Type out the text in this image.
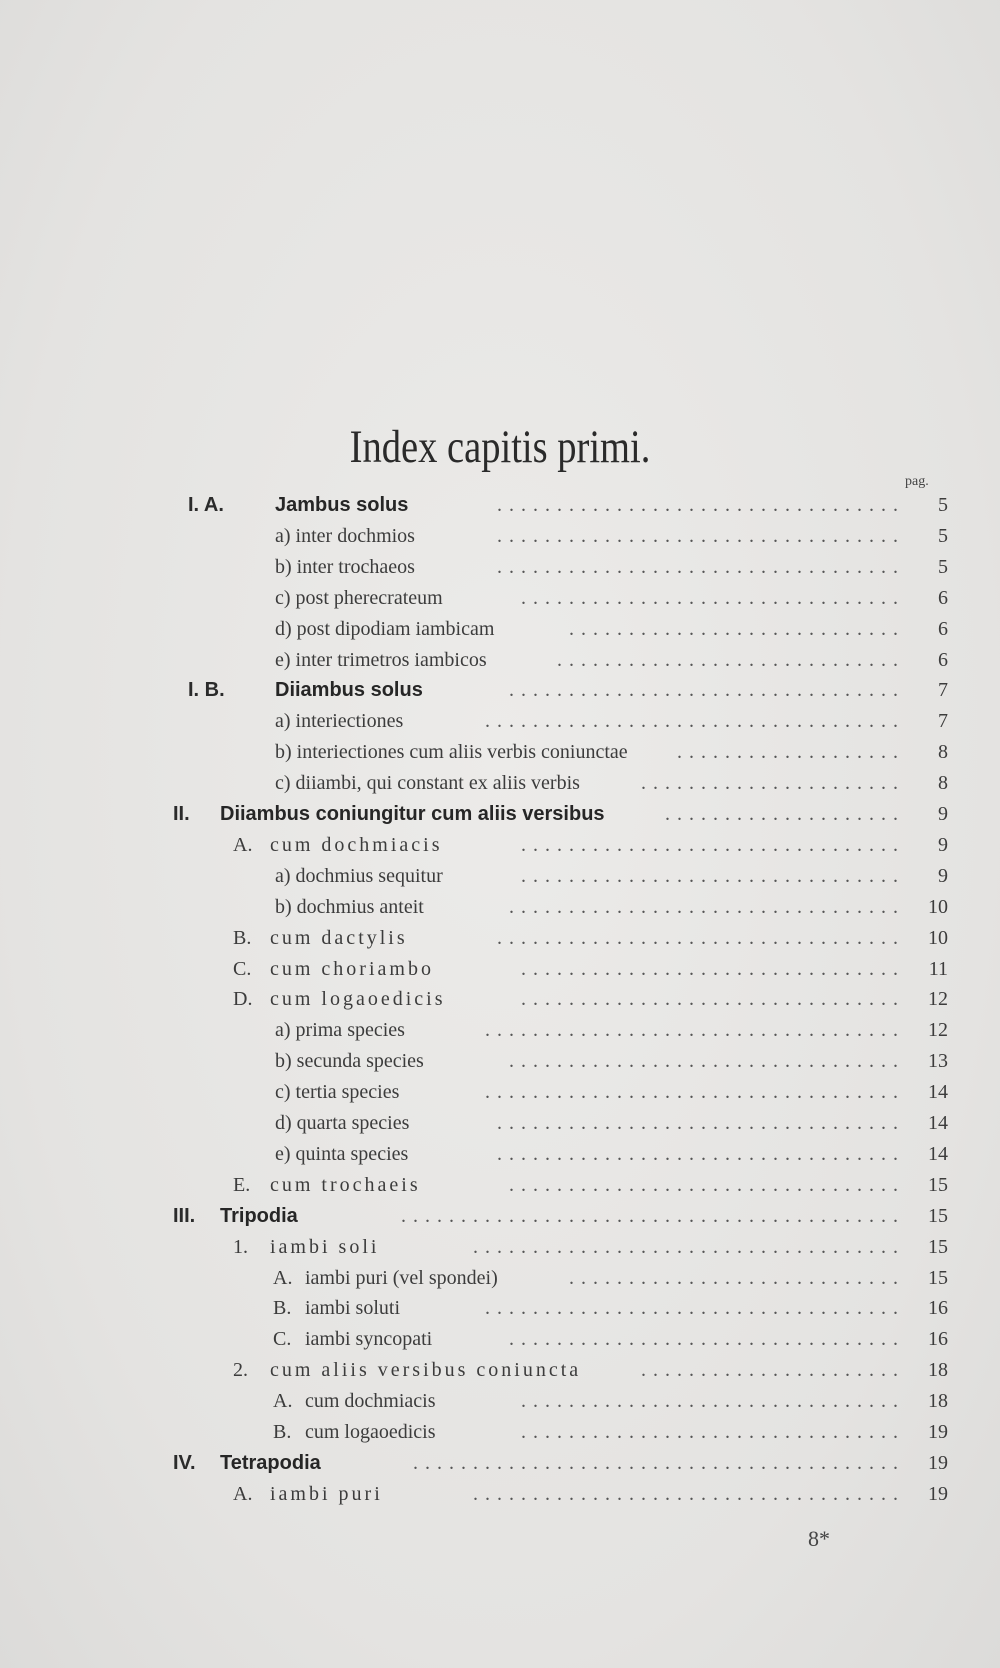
Index capitis primi.
pag.
I. A.	Jambus solus	5
..................................
a) inter dochmios	5
..................................
b) inter trochaeos	5
..................................
c) post pherecrateum	6
................................
d) post dipodiam iambicam	6
............................
e) inter trimetros iambicos	6
.............................
I. B.	Diiambus solus	7
.................................
a) interiectiones	7
...................................
b) interiectiones cum aliis verbis coniunctae	8
...................
c) diiambi, qui constant ex aliis verbis	8
......................
II. Diiambus coniungitur cum aliis versibus	9
....................
A. cum dochmiacis	9
................................
a) dochmius sequitur	9
................................
b) dochmius anteit	10
.................................
B. cum dactylis	10
..................................
C. cum choriambo	11
................................
D. cum logaoedicis	12
................................
a) prima species	12
...................................
b) secunda species	13
.................................
c) tertia species	14
...................................
d) quarta species	14
..................................
e) quinta species	14
..................................
E. cum trochaeis	15
.................................
III. Tripodia	15
..........................................
1. iambi soli	15
....................................
A. iambi puri (vel spondei)	15
............................
B. iambi soluti	16
...................................
C. iambi syncopati	16
.................................
2. cum aliis versibus coniuncta	18
......................
A. cum dochmiacis	18
................................
B. cum logaoedicis	19
................................
IV. Tetrapodia	19
.........................................
A. iambi puri	19
....................................
8*
